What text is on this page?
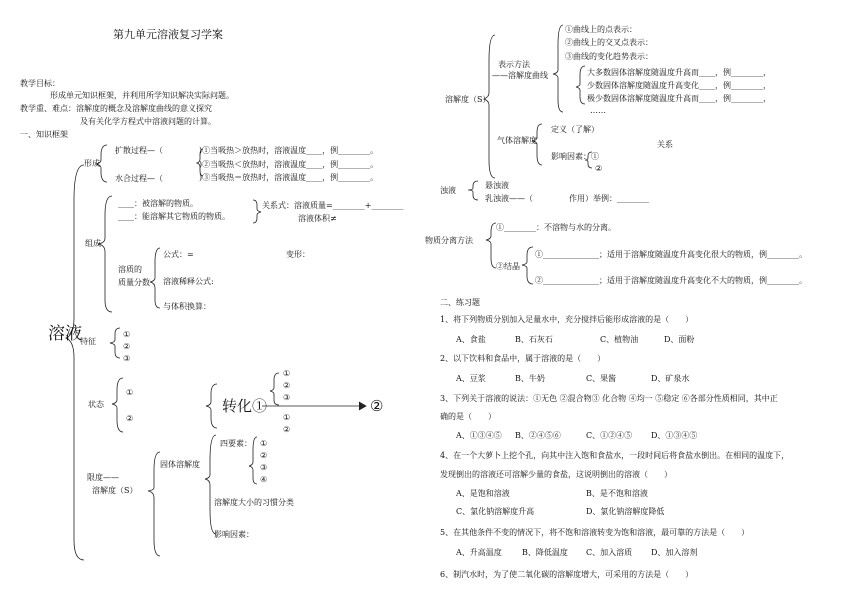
第九单元溶液复习学案
教学目标：
形成单元知识框架，并利用所学知识解决实际问题。
教学重、难点：溶解度的概念及溶解度曲线的意义探究
及有关化学方程式中溶液问题的计算。
一、知识框架
溶液
形成
扩散过程—（
水合过程—（
)①当吸热＞放热时，溶液温度____，例________。
)②当吸热＜放热时，溶液温度____，例________。
)③当吸热＝放热时，溶液温度____，例________。
组成
____：被溶解的物质。
____：能溶解其它物质的物质。
关系式：溶液质量=________+________
溶液体积≠
溶质的
质量分数
公式：=	变形：
溶液稀释公式:
与体积换算：
特征
①
②
③
状态
①
②
转化①	②
①
②
③
①
②
限度——
溶解度（S）
固体溶解度
四要素： ①
②
③
④
溶解度大小的习惯分类
影响因素：
溶解度（S）
表示方法
——溶解度曲线
①曲线上的点表示：
②曲线上的交叉点表示：
③曲线的变化趋势表示：
大多数固体溶解度随温度升高而____，例________，
少数固体溶解度随温度升高变化____，例________，
极少数固体溶解度随温度升高而____，例________，
……
气体溶解度
定义（了解）
关系
影响因素：①
②
浊液
悬浊液
乳浊液——（	作用）举例：________
物质分离方法
①________：不溶物与水的分离。
②结晶
①______________；适用于溶解度随温度升高变化很大的物质，例________。
②______________；适用于溶解度随温度升高变化不大的物质，例________。
二、练习题
1、将下列物质分别加入足量水中，充分搅拌后能形成溶液的是（　　）
A、食盐	B、石灰石	C、植物油	D、面粉
2、以下饮料和食品中，属于溶液的是（　　）
A、豆浆	B、牛奶	C、果酱	D、矿泉水
3、下列关于溶液的说法：①无色 ②混合物③ 化合物 ④均一 ⑤稳定 ⑥各部分性质相同，其中正
确的是（　　）
A、①③④⑤ B、②④⑤⑥	C、①②④⑤ D、①③④⑤
4、在一个大萝卜上挖个孔，向其中注入饱和食盐水，一段时间后将食盐水倒出。在相同的温度下，
发现倒出的溶液还可溶解少量的食盐，这说明倒出的溶液（　　）
A、是饱和溶液	B、是不饱和溶液
C、氯化钠溶解度升高	D、氯化钠溶解度降低
5、在其他条件不变的情况下，将不饱和溶液转变为饱和溶液，最可靠的方法是（　　）
A、升高温度	B、降低温度 C、加入溶质 D、加入溶剂
6、制汽水时，为了使二氧化碳的溶解度增大，可采用的方法是（　　）
